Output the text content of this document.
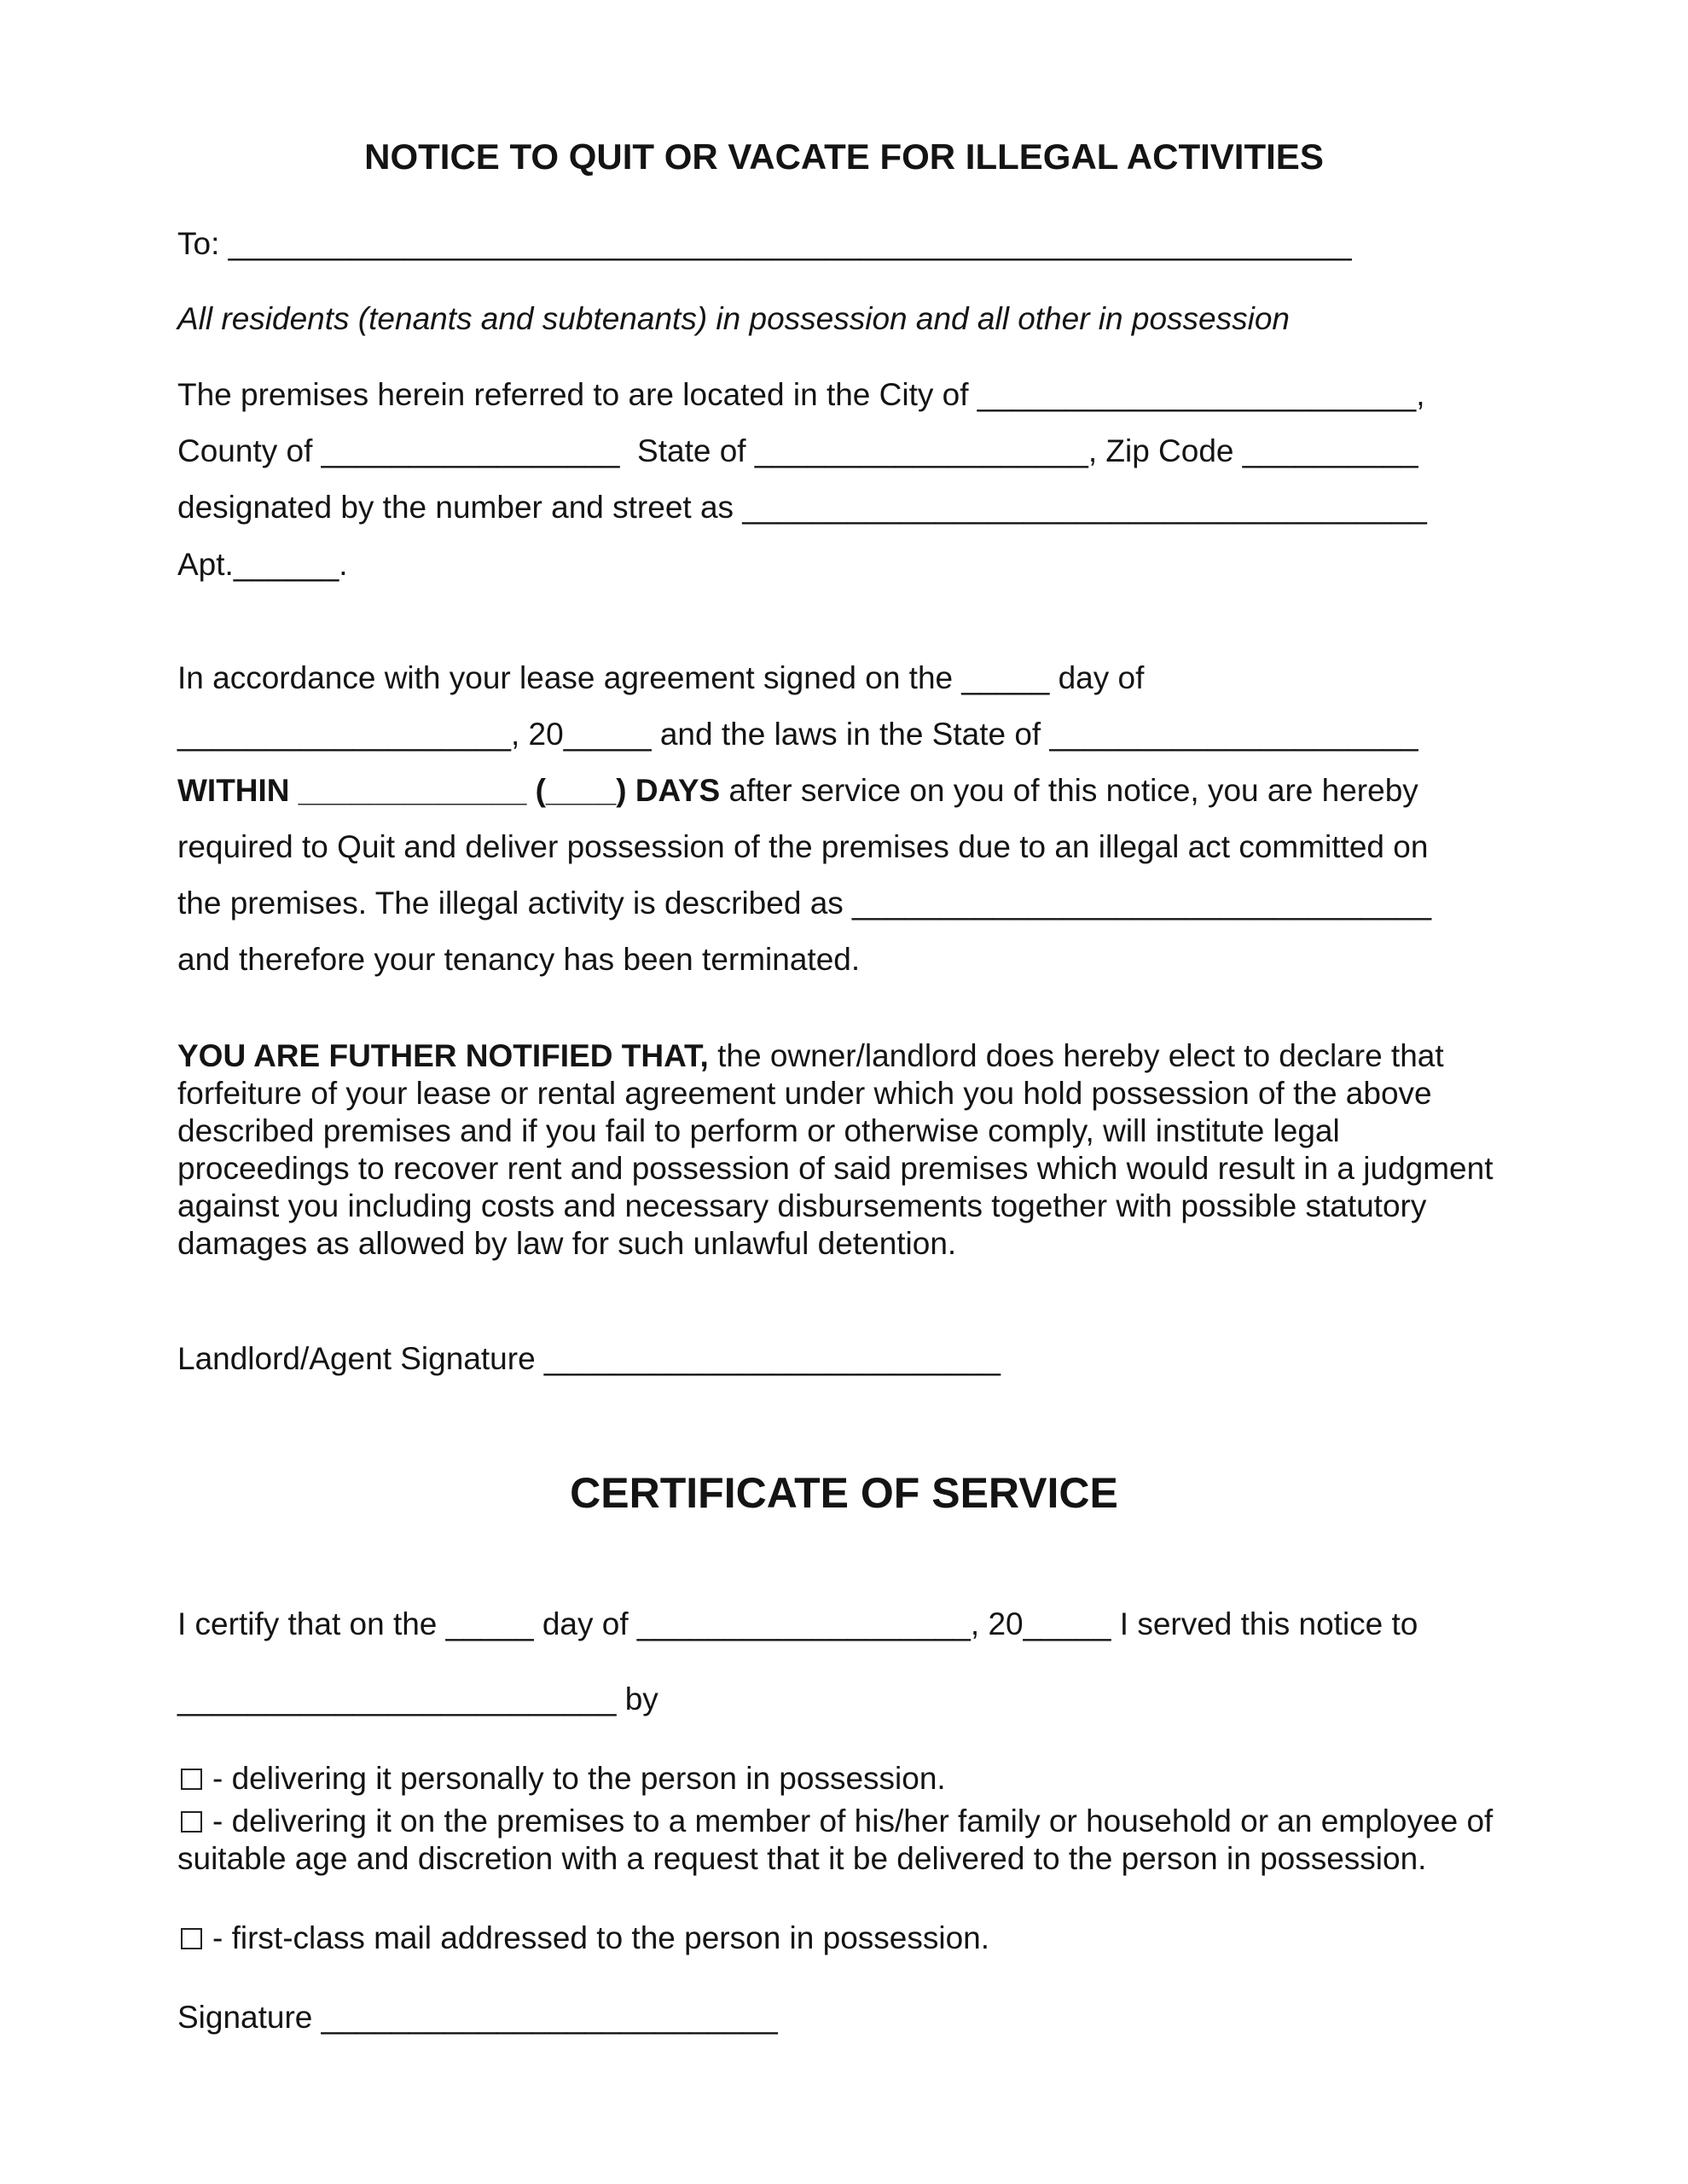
NOTICE TO QUIT OR VACATE FOR ILLEGAL ACTIVITIES
To: ________________________________________________________________
All residents (tenants and subtenants) in possession and all other in possession
The premises herein referred to are located in the City of _________________________,
County of _________________  State of ___________________, Zip Code __________
designated by the number and street as _______________________________________
Apt.______.
In accordance with your lease agreement signed on the _____ day of
___________________, 20_____ and the laws in the State of _____________________
WITHIN _____________ (____) DAYS after service on you of this notice, you are hereby
required to Quit and deliver possession of the premises due to an illegal act committed on
the premises. The illegal activity is described as _________________________________
and therefore your tenancy has been terminated.
YOU ARE FUTHER NOTIFIED THAT, the owner/landlord does hereby elect to declare that forfeiture of your lease or rental agreement under which you hold possession of the above described premises and if you fail to perform or otherwise comply, will institute legal proceedings to recover rent and possession of said premises which would result in a judgment against you including costs and necessary disbursements together with possible statutory damages as allowed by law for such unlawful detention.
Landlord/Agent Signature __________________________
CERTIFICATE OF SERVICE
I certify that on the _____ day of ___________________, 20_____ I served this notice to
_________________________ by
- delivering it personally to the person in possession.
- delivering it on the premises to a member of his/her family or household or an employee of suitable age and discretion with a request that it be delivered to the person in possession.
- first-class mail addressed to the person in possession.
Signature __________________________
